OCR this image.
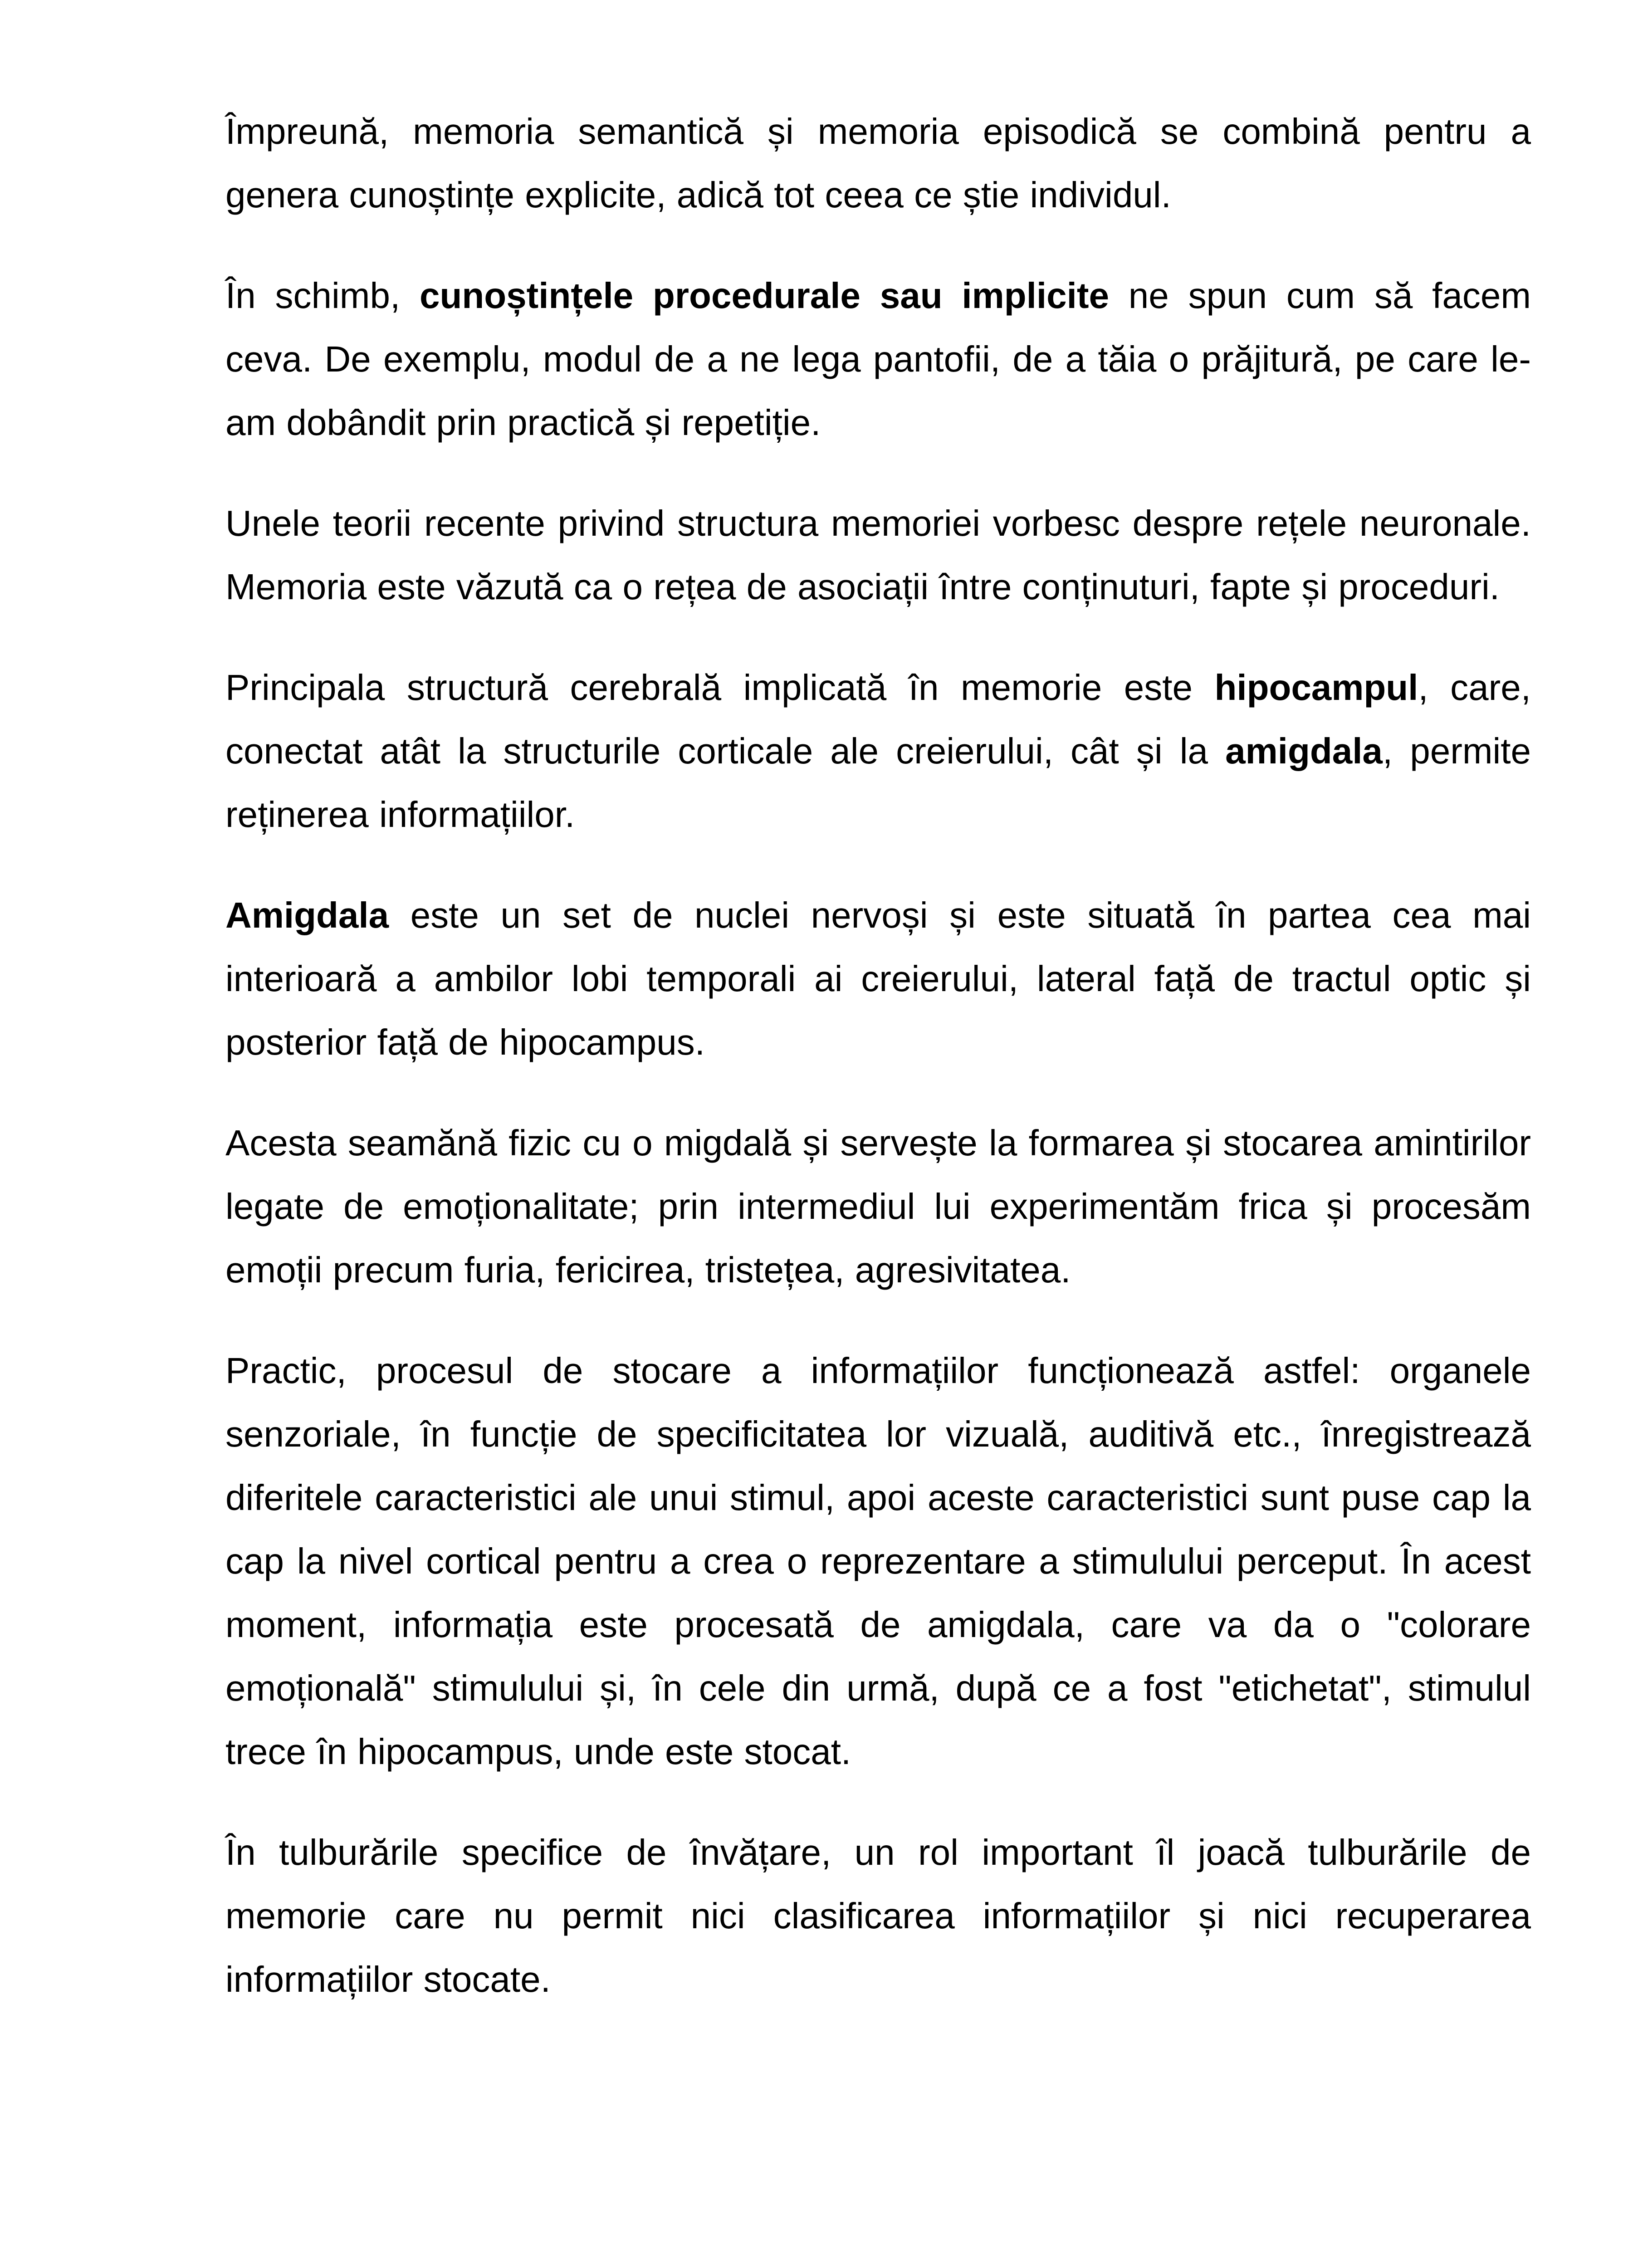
Împreună, memoria semantică și memoria episodică se combină pentru a genera cunoștințe explicite, adică tot ceea ce știe individul.

În schimb, cunoștințele procedurale sau implicite ne spun cum să facem ceva. De exemplu, modul de a ne lega pantofii, de a tăia o prăjitură, pe care le-am dobândit prin practică și repetiție.

Unele teorii recente privind structura memoriei vorbesc despre rețele neuronale. Memoria este văzută ca o rețea de asociații între conținuturi, fapte și proceduri.

Principala structură cerebrală implicată în memorie este hipocampul, care, conectat atât la structurile corticale ale creierului, cât și la amigdala, permite reținerea informațiilor.

Amigdala este un set de nuclei nervoși și este situată în partea cea mai interioară a ambilor lobi temporali ai creierului, lateral față de tractul optic și posterior față de hipocampus.

Acesta seamănă fizic cu o migdală și servește la formarea și stocarea amintirilor legate de emoționalitate; prin intermediul lui experimentăm frica și procesăm emoții precum furia, fericirea, tristețea, agresivitatea.

Practic, procesul de stocare a informațiilor funcționează astfel: organele senzoriale, în funcție de specificitatea lor vizuală, auditivă etc., înregistrează diferitele caracteristici ale unui stimul, apoi aceste caracteristici sunt puse cap la cap la nivel cortical pentru a crea o reprezentare a stimulului perceput. În acest moment, informația este procesată de amigdala, care va da o "colorare emoțională" stimulului și, în cele din urmă, după ce a fost "etichetat", stimulul trece în hipocampus, unde este stocat.

În tulburările specifice de învățare, un rol important îl joacă tulburările de memorie care nu permit nici clasificarea informațiilor și nici recuperarea informațiilor stocate.
